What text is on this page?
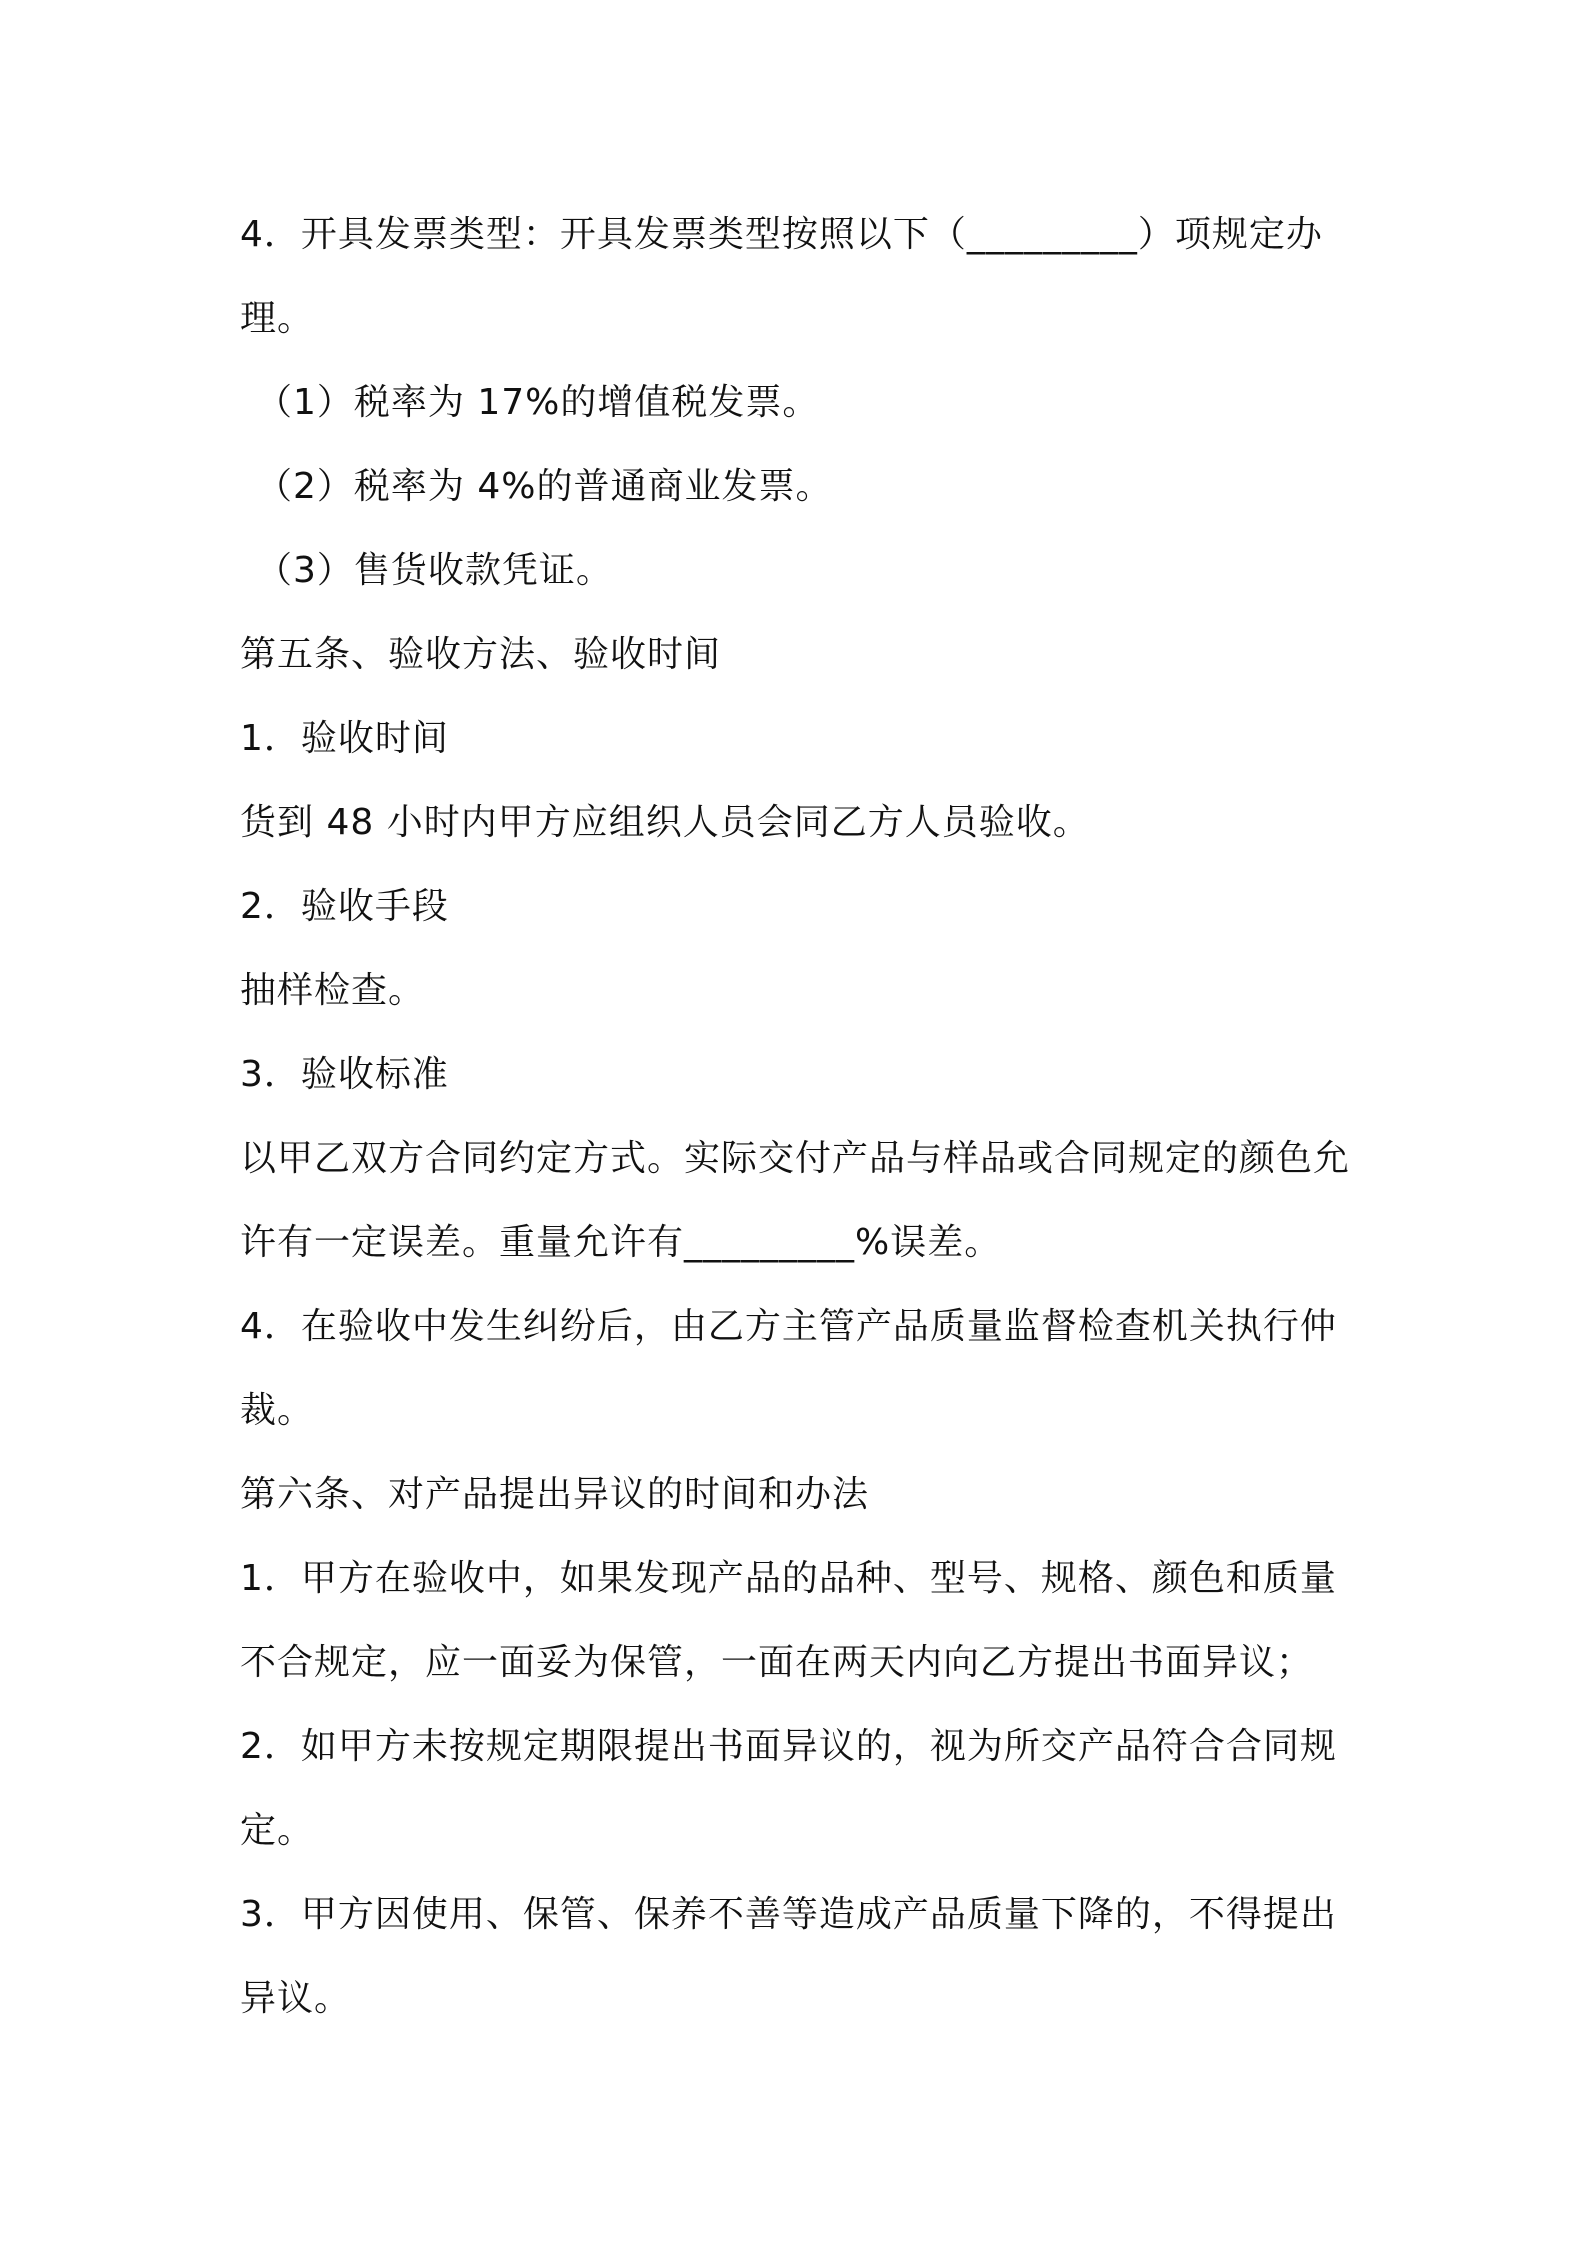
4．开具发票类型：开具发票类型按照以下（_________）项规定办
理。
（1）税率为 17%的增值税发票。
（2）税率为 4%的普通商业发票。
（3）售货收款凭证。
第五条、验收方法、验收时间
1．验收时间
货到 48 小时内甲方应组织人员会同乙方人员验收。
2．验收手段
抽样检查。
3．验收标准
以甲乙双方合同约定方式。实际交付产品与样品或合同规定的颜色允
许有一定误差。重量允许有_________%误差。
4．在验收中发生纠纷后，由乙方主管产品质量监督检查机关执行仲
裁。
第六条、对产品提出异议的时间和办法
1．甲方在验收中，如果发现产品的品种、型号、规格、颜色和质量
不合规定，应一面妥为保管，一面在两天内向乙方提出书面异议；
2．如甲方未按规定期限提出书面异议的，视为所交产品符合合同规
定。
3．甲方因使用、保管、保养不善等造成产品质量下降的，不得提出
异议。
